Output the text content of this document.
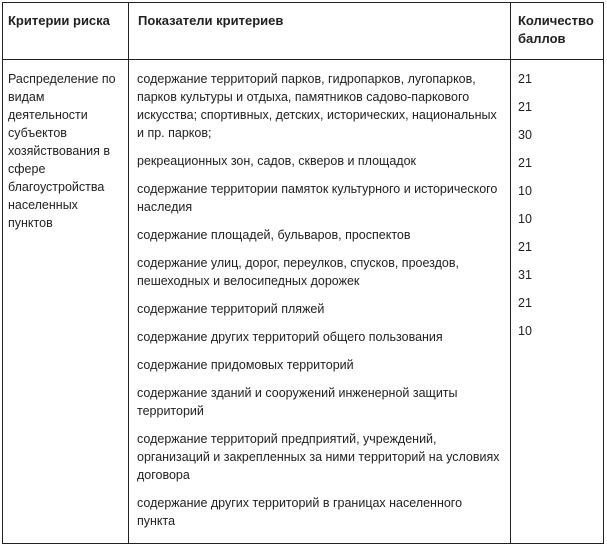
Критерии риска	Показатели критериев	Количество баллов
Распределение по видам деятельности субъектов хозяйствования в сфере благоустройства населенных пунктов
содержание территорий парков, гидропарков, лугопарков, парков культуры и отдыха, памятников садово-паркового искусства; спортивных, детских, исторических, национальных и пр. парков;
рекреационных зон, садов, скверов и площадок
содержание территории памяток культурного и исторического наследия
содержание площадей, бульваров, проспектов
содержание улиц, дорог, переулков, спусков, проездов, пешеходных и велосипедных дорожек
содержание территорий пляжей
содержание других территорий общего пользования
содержание придомовых территорий
содержание зданий и сооружений инженерной защиты территорий
содержание территорий предприятий, учреждений, организаций и закрепленных за ними территорий на условиях договора
содержание других территорий в границах населенного пункта
21
21
30
21
10
10
21
31
21
10
